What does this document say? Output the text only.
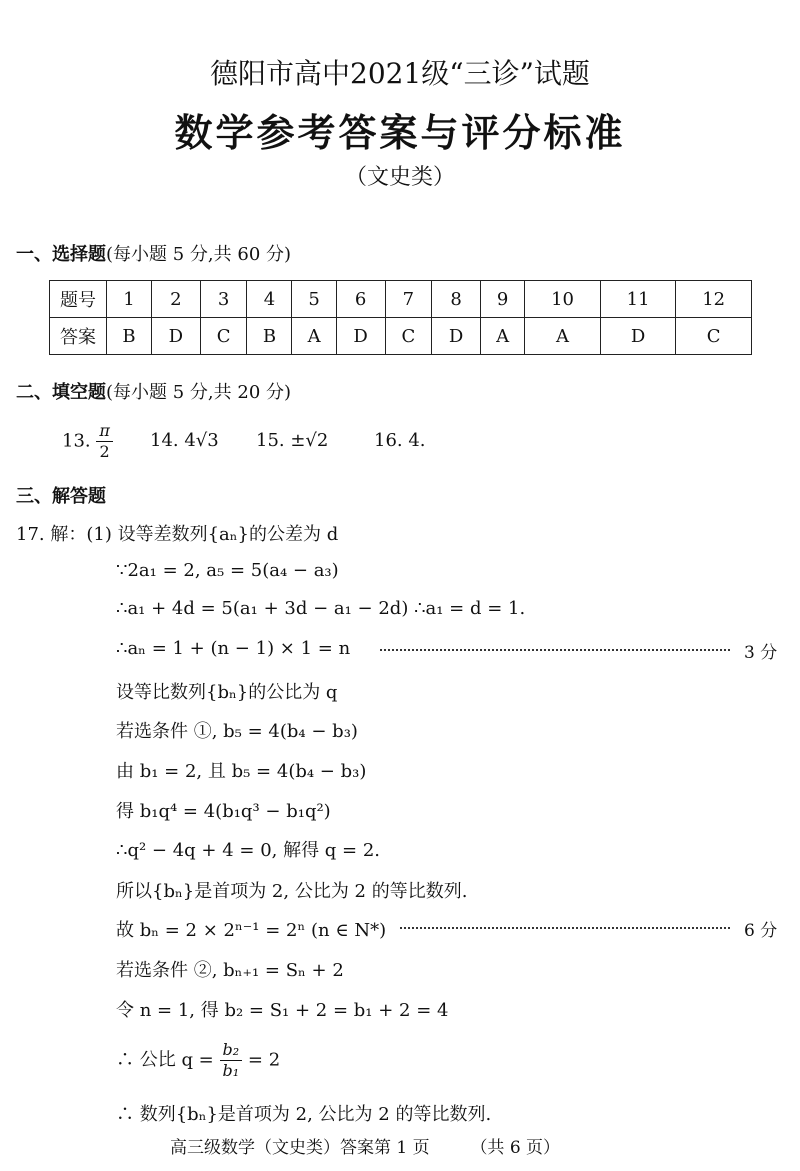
德阳市高中2021级“三诊”试题
数学参考答案与评分标准
（文史类）
一、选择题(每小题 5 分,共 60 分)
题号	1	2	3	4	5	6	7	8	9	10	11	12
答案	B	D	C	B	A	D	C	D	A	A	D	C
二、填空题(每小题 5 分,共 20 分)
13. $\frac{\pi}{2} 14$. 4√3 15. ±√2	16. 4.
三、解答题
17. 解：(1) 设等差数列{aₙ}的公差为 d
∵2a₁ = 2, a₅ = 5(a₄ − a₃)
∴a₁ + 4d = 5(a₁ + 3d − a₁ − 2d) ∴a₁ = d = 1.
∴aₙ = 1 + (n − 1) × 1 = n	3 分
设等比数列{bₙ}的公比为 q
若选条件 ①, b₅ = 4(b₄ − b₃)
由 b₁ = 2, 且 b₅ = 4(b₄ − b₃)
得 b₁q⁴ = 4(b₁q³ − b₁q²)
∴q² − 4q + 4 = 0, 解得 q = 2.
所以{bₙ}是首项为 2, 公比为 2 的等比数列.
故 bₙ = 2 × 2ⁿ⁻¹ = 2ⁿ (n ∈ N*)	6 分
若选条件 ②, bₙ₊₁ = Sₙ + 2
令 n = 1, 得 b₂ = S₁ + 2 = b₁ + 2 = 4
∴ 公比 $q = \frac{\text{b₂}}{\text{b₁}} = 2$
∴ 数列{bₙ}是首项为 2, 公比为 2 的等比数列.
高三级数学（文史类）答案第 1 页 （共 6 页）
